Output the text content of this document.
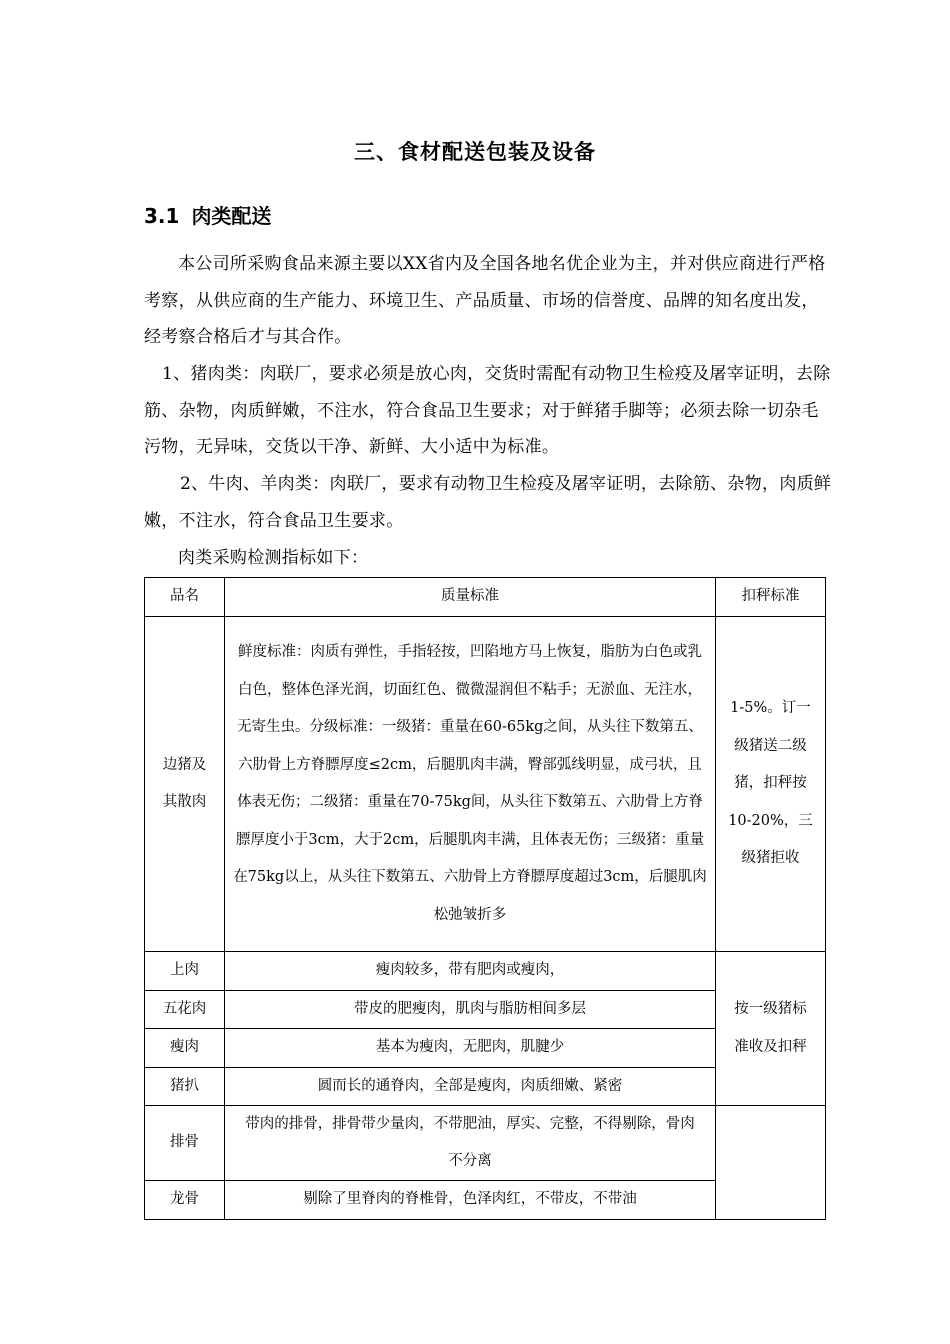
三、食材配送包装及设备
3.1 肉类配送
本公司所采购食品来源主要以XX省内及全国各地名优企业为主，并对供应商进行严格考察，从供应商的生产能力、环境卫生、产品质量、市场的信誉度、品牌的知名度出发，经考察合格后才与其合作。
1、猪肉类：肉联厂，要求必须是放心肉，交货时需配有动物卫生检疫及屠宰证明，去除筋、杂物，肉质鲜嫩，不注水，符合食品卫生要求；对于鲜猪手脚等；必须去除一切杂毛污物，无异味，交货以干净、新鲜、大小适中为标准。
2、牛肉、羊肉类：肉联厂，要求有动物卫生检疫及屠宰证明，去除筋、杂物，肉质鲜嫩，不注水，符合食品卫生要求。
肉类采购检测指标如下：
品名	质量标准	扣秤标准
边猪及其散肉	鲜度标准：肉质有弹性，手指轻按，凹陷地方马上恢复，脂肪为白色或乳白色，整体色泽光润，切面红色、微微湿润但不粘手；无淤血、无注水，无寄生虫。分级标准：一级猪：重量在60-65kg之间，从头往下数第五、六肋骨上方脊膘厚度≤2cm，后腿肌肉丰满，臀部弧线明显，成弓状，且体表无伤；二级猪：重量在70-75kg间，从头往下数第五、六肋骨上方脊膘厚度小于3cm，大于2cm，后腿肌肉丰满，且体表无伤；三级猪：重量在75kg以上，从头往下数第五、六肋骨上方脊膘厚度超过3cm，后腿肌肉松弛皱折多	1-5%。订一级猪送二级猪，扣秤按10-20%，三级猪拒收
上肉	瘦肉较多，带有肥肉或瘦肉，	按一级猪标准收及扣秤
五花肉	带皮的肥瘦肉，肌肉与脂肪相间多层	
瘦肉	基本为瘦肉，无肥肉，肌腱少	
猪扒	圆而长的通脊肉，全部是瘦肉，肉质细嫩、紧密	
排骨	带肉的排骨，排骨带少量肉，不带肥油，厚实、完整，不得剔除，骨肉不分离	
龙骨	剔除了里脊肉的脊椎骨，色泽肉红，不带皮，不带油	
